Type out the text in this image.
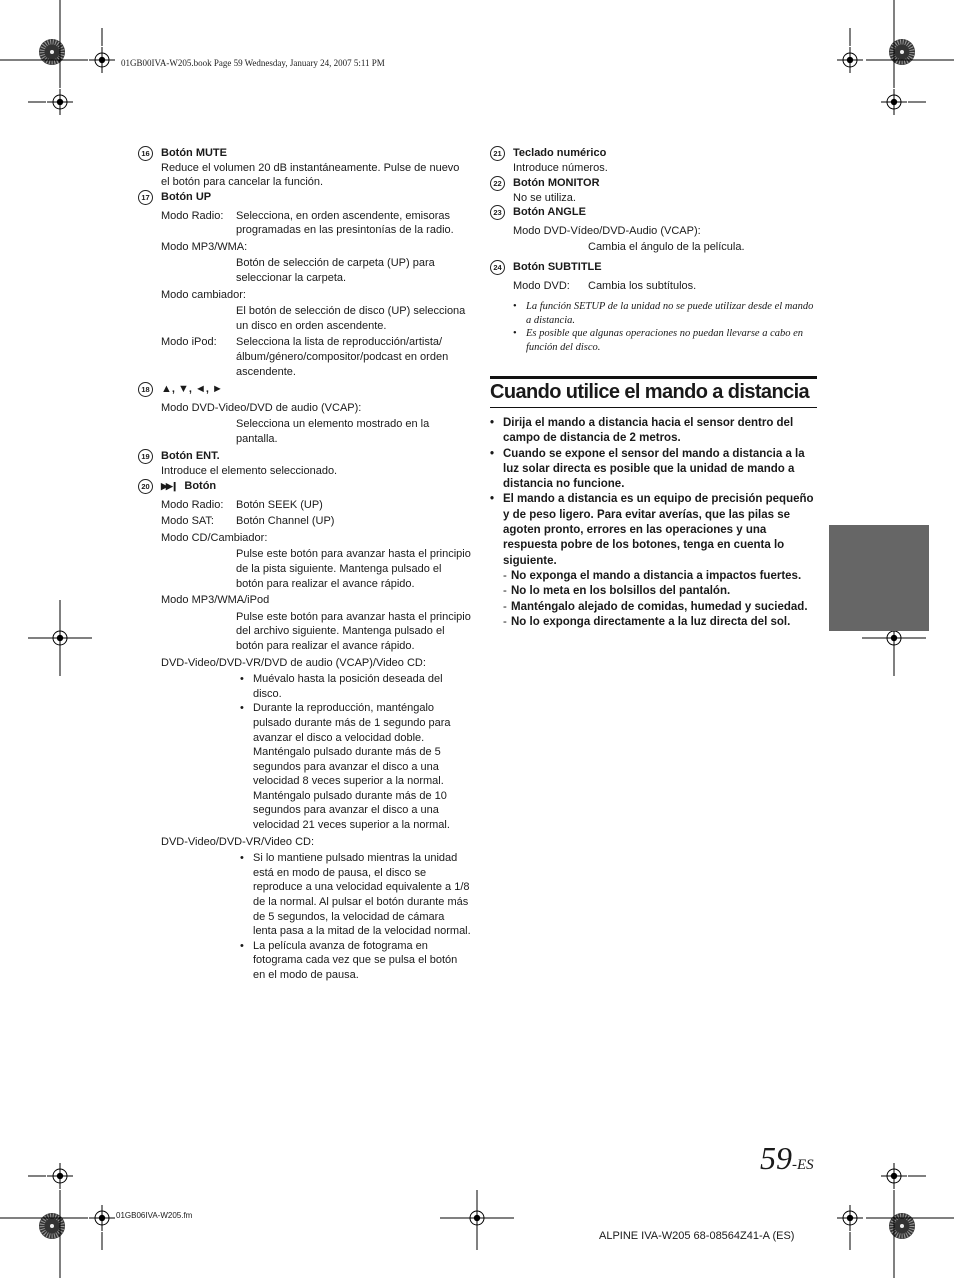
01GB00IVA-W205.book Page 59 Wednesday, January 24, 2007 5:11 PM
16	Botón MUTE
Reduce el volumen 20 dB instantáneamente. Pulse de nuevo el botón para cancelar la función.
17	Botón UP
Modo Radio:	Selecciona, en orden ascendente, emisoras programadas en las presintonías de la radio.
Modo MP3/WMA:
Botón de selección de carpeta (UP) para seleccionar la carpeta.
Modo cambiador:
El botón de selección de disco (UP) selecciona un disco en orden ascendente.
Modo iPod:	Selecciona la lista de reproducción/artista/ álbum/género/compositor/podcast en orden ascendente.
18	▲, ▼, ◄, ►
Modo DVD-Video/DVD de audio (VCAP):
Selecciona un elemento mostrado en la pantalla.
19	Botón ENT.
Introduce el elemento seleccionado.
20	▶▶❙ Botón
Modo Radio:	Botón SEEK (UP)
Modo SAT:	Botón Channel (UP)
Modo CD/Cambiador:
Pulse este botón para avanzar hasta el principio de la pista siguiente. Mantenga pulsado el botón para realizar el avance rápido.
Modo MP3/WMA/iPod
Pulse este botón para avanzar hasta el principio del archivo siguiente. Mantenga pulsado el botón para realizar el avance rápido.
DVD-Video/DVD-VR/DVD de audio (VCAP)/Video CD:
• Muévalo hasta la posición deseada del disco.
• Durante la reproducción, manténgalo pulsado durante más de 1 segundo para avanzar el disco a velocidad doble. Manténgalo pulsado durante más de 5 segundos para avanzar el disco a una velocidad 8 veces superior a la normal. Manténgalo pulsado durante más de 10 segundos para avanzar el disco a una velocidad 21 veces superior a la normal.
DVD-Video/DVD-VR/Video CD:
• Si lo mantiene pulsado mientras la unidad está en modo de pausa, el disco se reproduce a una velocidad equivalente a 1/8 de la normal. Al pulsar el botón durante más de 5 segundos, la velocidad de cámara lenta pasa a la mitad de la velocidad normal.
• La película avanza de fotograma en fotograma cada vez que se pulsa el botón en el modo de pausa.
21	Teclado numérico
Introduce números.
22	Botón MONITOR
No se utiliza.
23	Botón ANGLE
Modo DVD-Vídeo/DVD-Audio (VCAP):
Cambia el ángulo de la película.
24	Botón SUBTITLE
Modo DVD:	Cambia los subtítulos.
• La función SETUP de la unidad no se puede utilizar desde el mando a distancia.
• Es posible que algunas operaciones no puedan llevarse a cabo en función del disco.
Cuando utilice el mando a distancia
• Dirija el mando a distancia hacia el sensor dentro del campo de distancia de 2 metros.
• Cuando se expone el sensor del mando a distancia a la luz solar directa es posible que la unidad de mando a distancia no funcione.
• El mando a distancia es un equipo de precisión pequeño y de peso ligero. Para evitar averías, que las pilas se agoten pronto, errores en las operaciones y una respuesta pobre de los botones, tenga en cuenta lo siguiente.
- No exponga el mando a distancia a impactos fuertes.
- No lo meta en los bolsillos del pantalón.
- Manténgalo alejado de comidas, humedad y suciedad.
- No lo exponga directamente a la luz directa del sol.
59-ES
01GB06IVA-W205.fm
ALPINE IVA-W205 68-08564Z41-A (ES)
